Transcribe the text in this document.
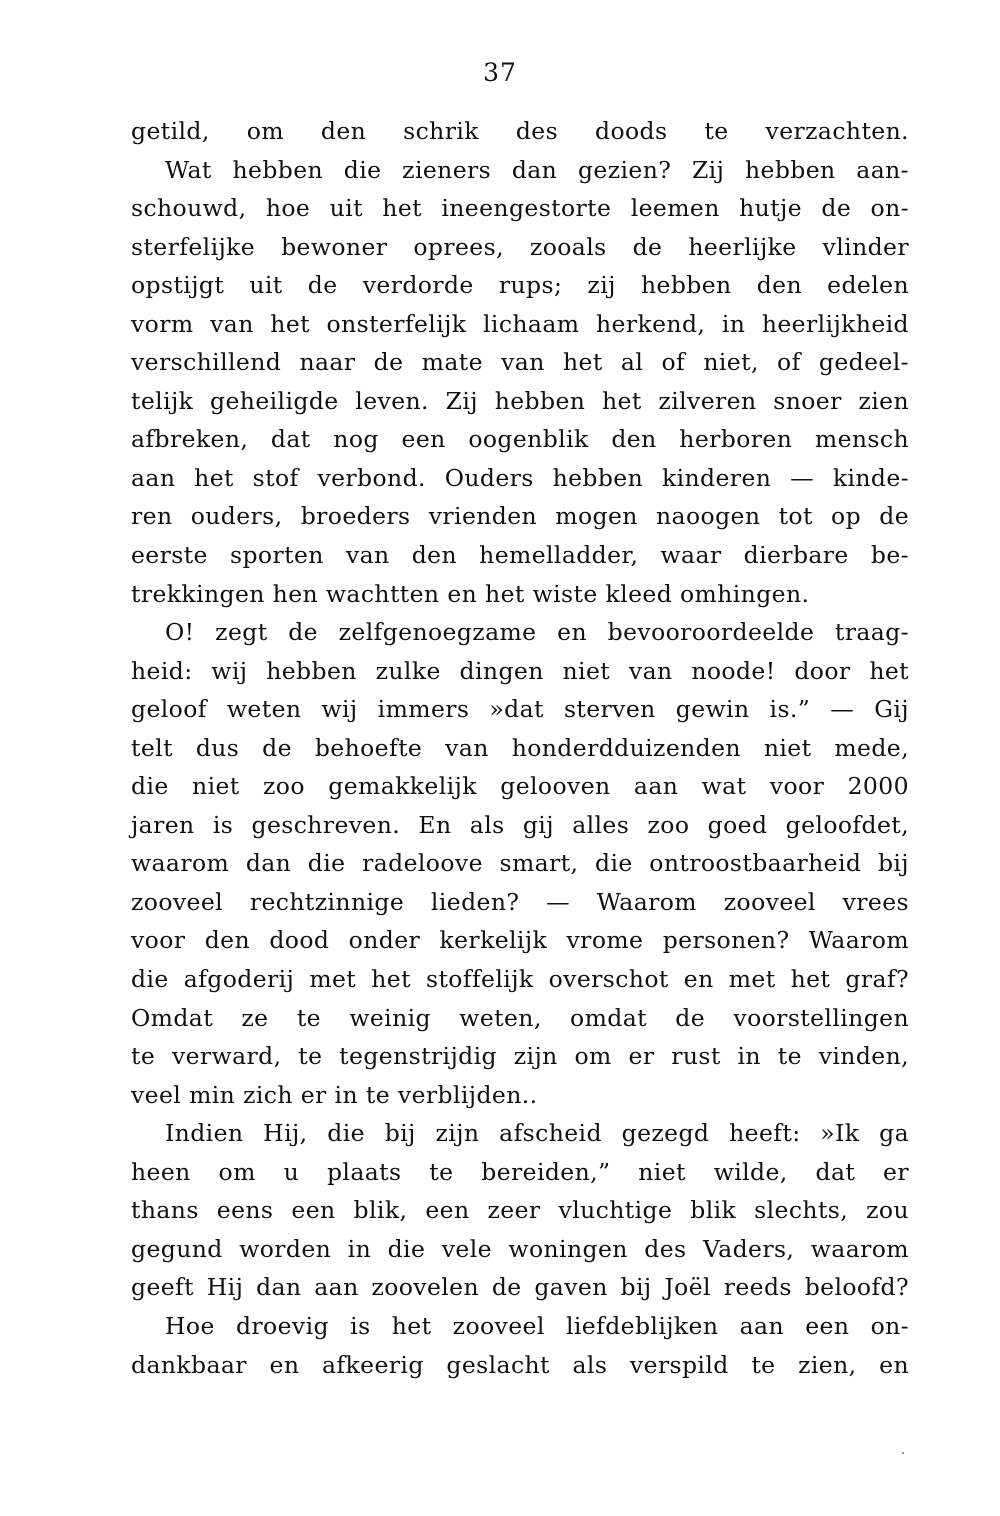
37
getild, om den schrik des doods te verzachten.
Wat hebben die zieners dan gezien? Zij hebben aan-
schouwd, hoe uit het ineengestorte leemen hutje de on-
sterfelijke bewoner oprees, zooals de heerlijke vlinder
opstijgt uit de verdorde rups; zij hebben den edelen
vorm van het onsterfelijk lichaam herkend, in heerlijkheid
verschillend naar de mate van het al of niet, of gedeel-
telijk geheiligde leven. Zij hebben het zilveren snoer zien
afbreken, dat nog een oogenblik den herboren mensch
aan het stof verbond. Ouders hebben kinderen — kinde-
ren ouders, broeders vrienden mogen naoogen tot op de
eerste sporten van den hemelladder, waar dierbare be-
trekkingen hen wachtten en het wiste kleed omhingen.
O! zegt de zelfgenoegzame en bevooroordeelde traag-
heid: wij hebben zulke dingen niet van noode! door het
geloof weten wij immers »dat sterven gewin is.” — Gij
telt dus de behoefte van honderdduizenden niet mede,
die niet zoo gemakkelijk gelooven aan wat voor 2000
jaren is geschreven. En als gij alles zoo goed geloofdet,
waarom dan die radeloove smart, die ontroostbaarheid bij
zooveel rechtzinnige lieden? — Waarom zooveel vrees
voor den dood onder kerkelijk vrome personen? Waarom
die afgoderij met het stoffelijk overschot en met het graf?
Omdat ze te weinig weten, omdat de voorstellingen
te verward, te tegenstrijdig zijn om er rust in te vinden,
veel min zich er in te verblijden..
Indien Hij, die bij zijn afscheid gezegd heeft: »Ik ga
heen om u plaats te bereiden,” niet wilde, dat er
thans eens een blik, een zeer vluchtige blik slechts, zou
gegund worden in die vele woningen des Vaders, waarom
geeft Hij dan aan zoovelen de gaven bij Joël reeds beloofd?
Hoe droevig is het zooveel liefdeblijken aan een on-
dankbaar en afkeerig geslacht als verspild te zien, en
